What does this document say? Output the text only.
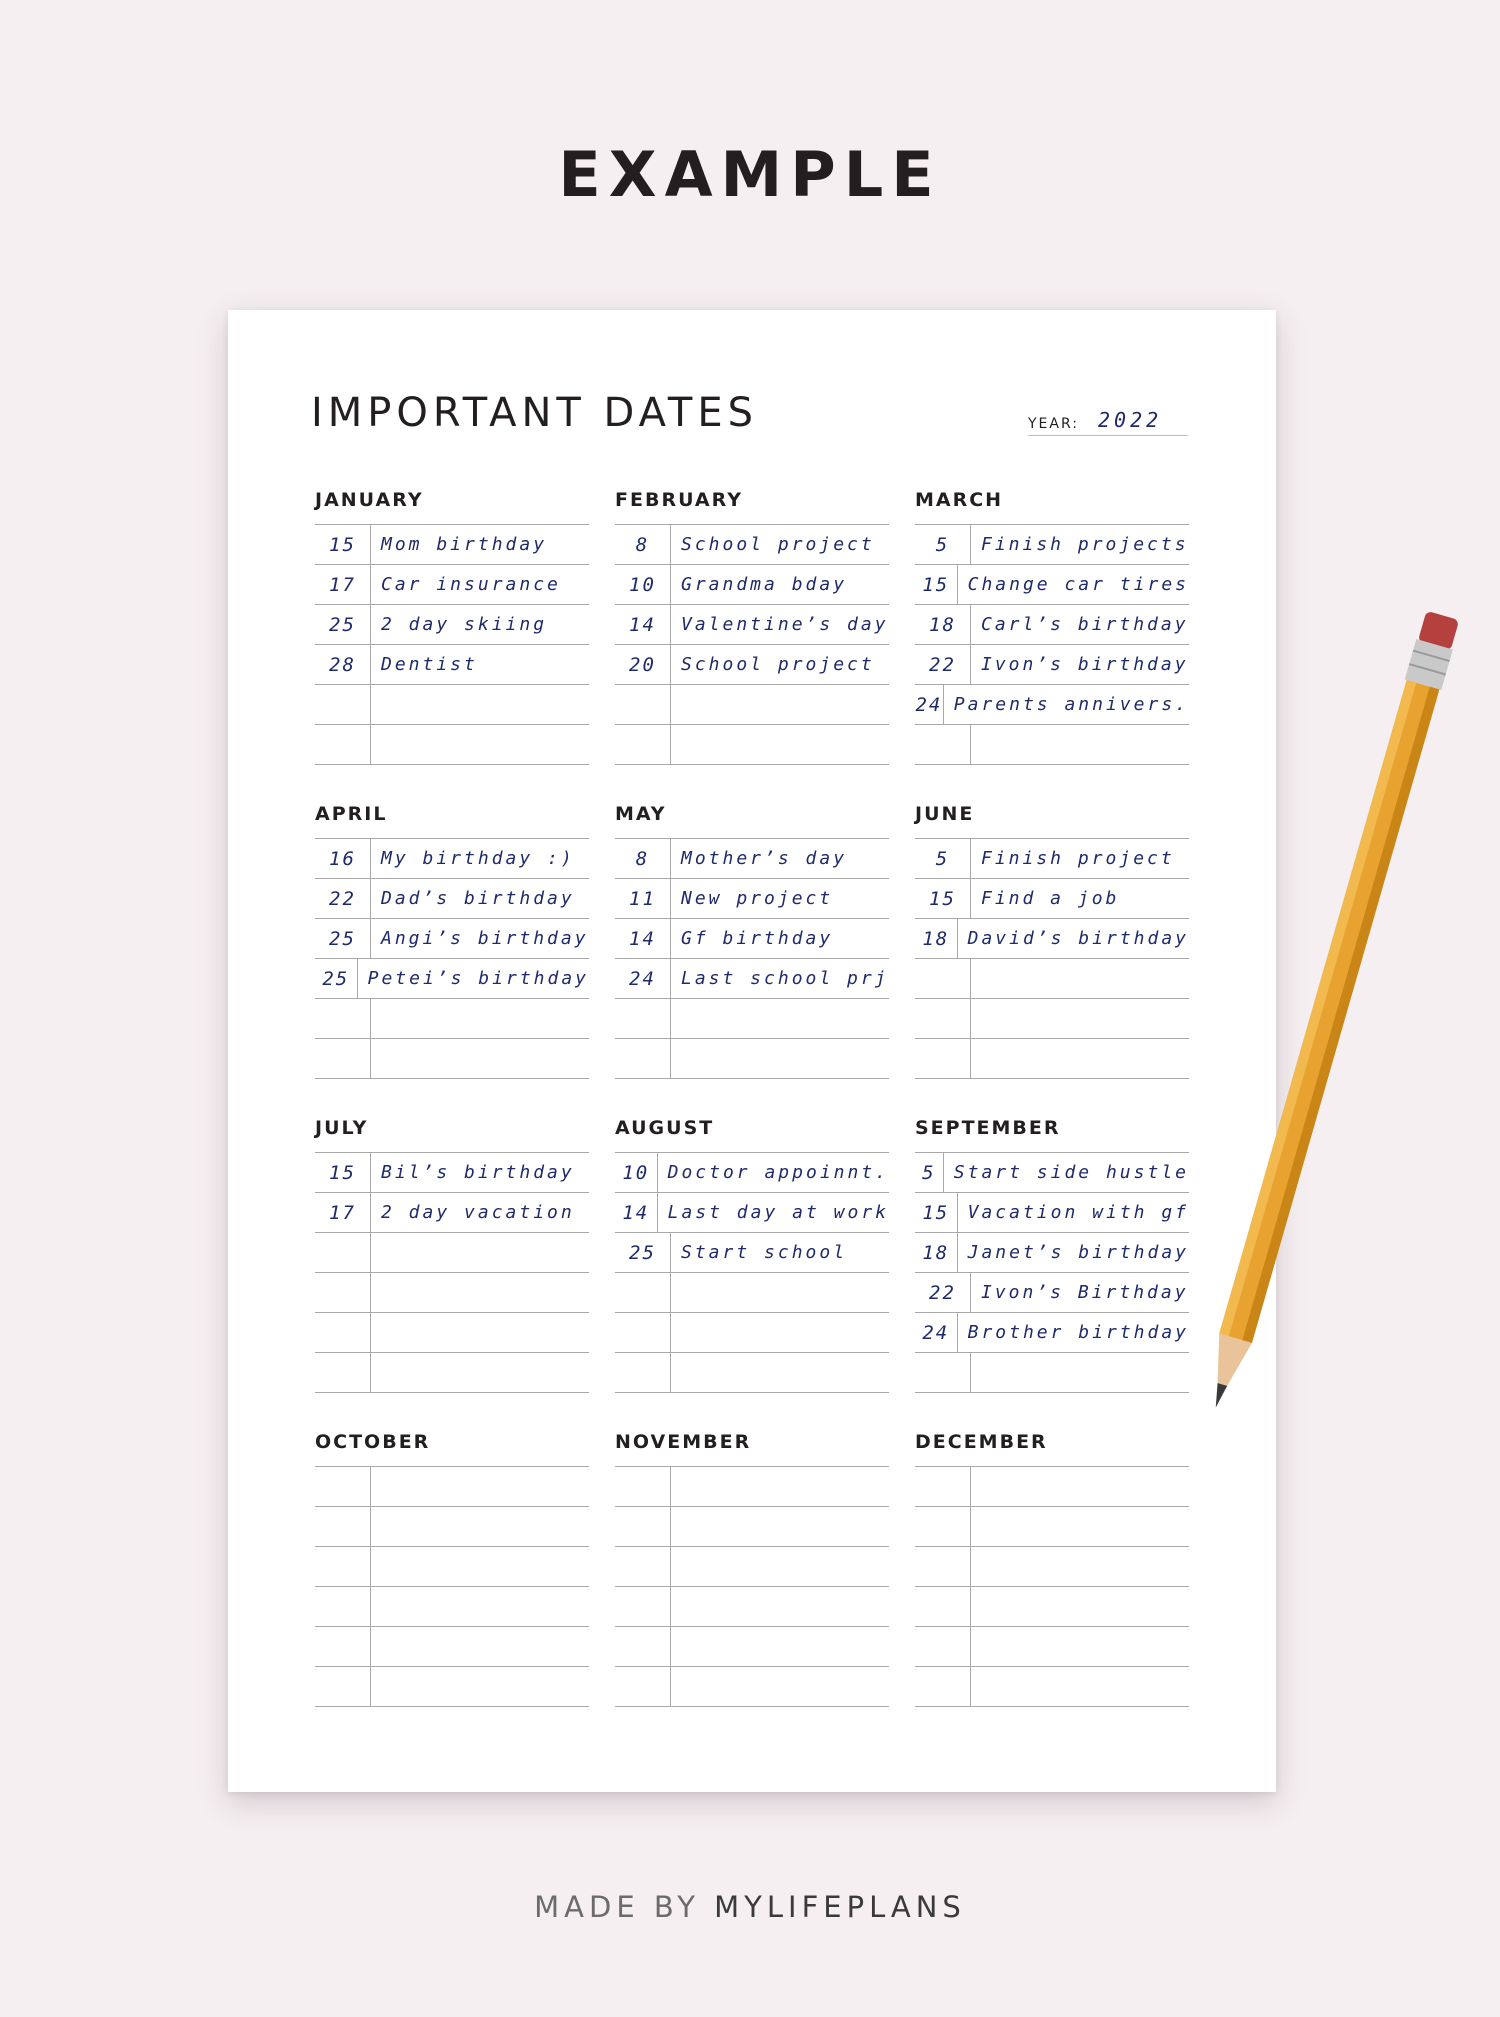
EXAMPLE
IMPORTANT DATES	YEAR: 2022
JANUARY
15	Mom birthday
17	Car insurance
25	2 day skiing
28	Dentist
FEBRUARY
8	School project
10	Grandma bday
14	Valentine’s day
20	School project
MARCH
5	Finish projects
15	Change car tires
18	Carl’s birthday
22	Ivon’s birthday
24 Parents annivers.
APRIL
16	My birthday :)
22	Dad’s birthday
25	Angi’s birthday
25	Petei’s birthday
MAY
8	Mother’s day
11	New project
14	Gf birthday
24	Last school prj
JUNE
5	Finish project
15	Find a job
18	David’s birthday
JULY
15	Bil’s birthday
17	2 day vacation
AUGUST
10	Doctor appoinnt.
14	Last day at work
25	Start school
SEPTEMBER
5	Start side hustle
15	Vacation with gf
18	Janet’s birthday
22	Ivon’s Birthday
24	Brother birthday
OCTOBER	NOVEMBER	DECEMBER
MADE BY MYLIFEPLANS
